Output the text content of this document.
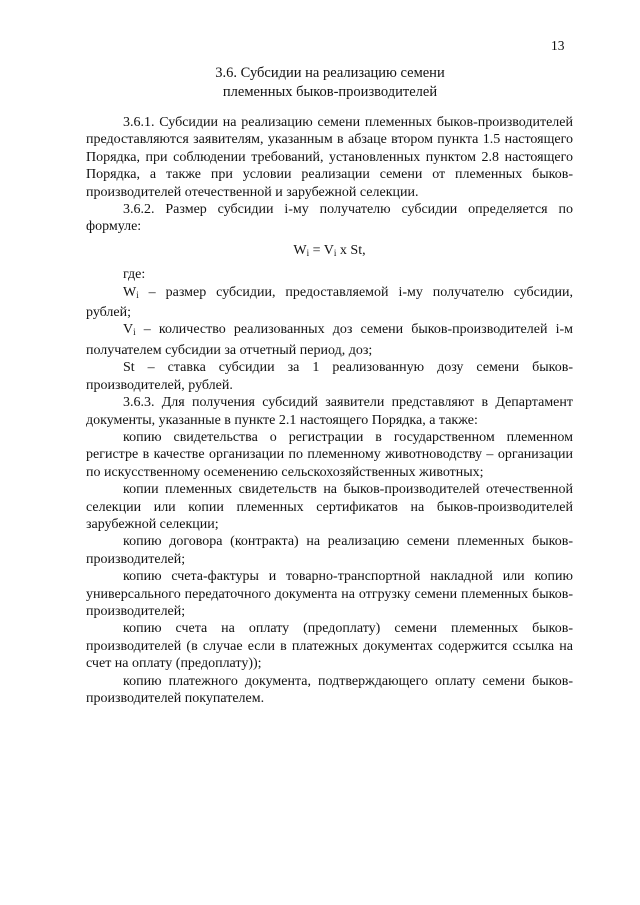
13
3.6. Субсидии на реализацию семени
племенных быков-производителей

3.6.1. Субсидии на реализацию семени племенных быков-производителей предоставляются заявителям, указанным в абзаце втором пункта 1.5 настоящего Порядка, при соблюдении требований, установленных пунктом 2.8 настоящего Порядка, а также при условии реализации семени от племенных быков-производителей отечественной и зарубежной селекции.

3.6.2. Размер субсидии i-му получателю субсидии определяется по формуле:

$W_i = V_i$ x St,

где:

$W_i$ – размер субсидии, предоставляемой i-му получателю субсидии, рублей;

$V_i$ – количество реализованных доз семени быков-производителей i-м получателем субсидии за отчетный период, доз;

St – ставка субсидии за 1 реализованную дозу семени быков-производителей, рублей.

3.6.3. Для получения субсидий заявители представляют в Департамент документы, указанные в пункте 2.1 настоящего Порядка, а также:

копию свидетельства о регистрации в государственном племенном регистре в качестве организации по племенному животноводству – организации по искусственному осеменению сельскохозяйственных животных;

копии племенных свидетельств на быков-производителей отечественной селекции или копии племенных сертификатов на быков-производителей зарубежной селекции;

копию договора (контракта) на реализацию семени племенных быков-производителей;

копию счета-фактуры и товарно-транспортной накладной или копию универсального передаточного документа на отгрузку семени племенных быков-производителей;

копию счета на оплату (предоплату) семени племенных быков-производителей (в случае если в платежных документах содержится ссылка на счет на оплату (предоплату));

копию платежного документа, подтверждающего оплату семени быков-производителей покупателем.
